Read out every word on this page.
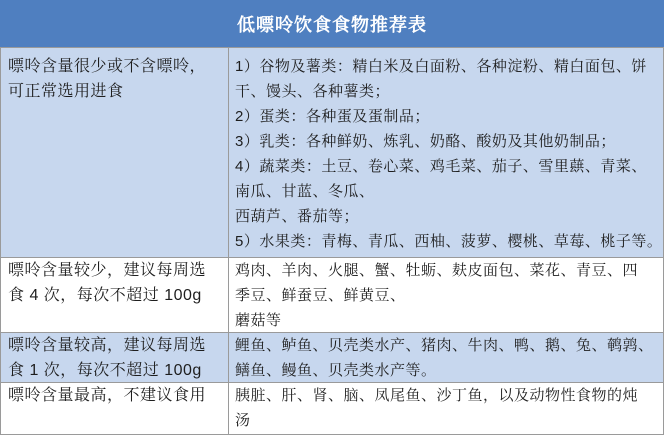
低嘌呤饮食食物推荐表
嘌呤含量很少或不含嘌呤，
可正常选用进食
1）谷物及薯类：精白米及白面粉、各种淀粉、精白面包、饼
干、馒头、各种薯类；
2）蛋类：各种蛋及蛋制品；
3）乳类：各种鲜奶、炼乳、奶酪、酸奶及其他奶制品；
4）蔬菜类：土豆、卷心菜、鸡毛菜、茄子、雪里蕻、青菜、
南瓜、甘蓝、冬瓜、
西葫芦、番茄等；
5）水果类：青梅、青瓜、西柚、菠萝、樱桃、草莓、桃子等。
嘌呤含量较少，建议每周选
食 4 次，每次不超过 100g
鸡肉、羊肉、火腿、蟹、牡蛎、麸皮面包、菜花、青豆、四
季豆、鲜蚕豆、鲜黄豆、
蘑菇等
嘌呤含量较高，建议每周选
食 1 次，每次不超过 100g
鲤鱼、鲈鱼、贝壳类水产、猪肉、牛肉、鸭、鹅、兔、鹌鹑、
鳝鱼、鳗鱼、贝壳类水产等。
嘌呤含量最高，不建议食用	胰脏、肝、肾、脑、凤尾鱼、沙丁鱼，以及动物性食物的炖
汤
